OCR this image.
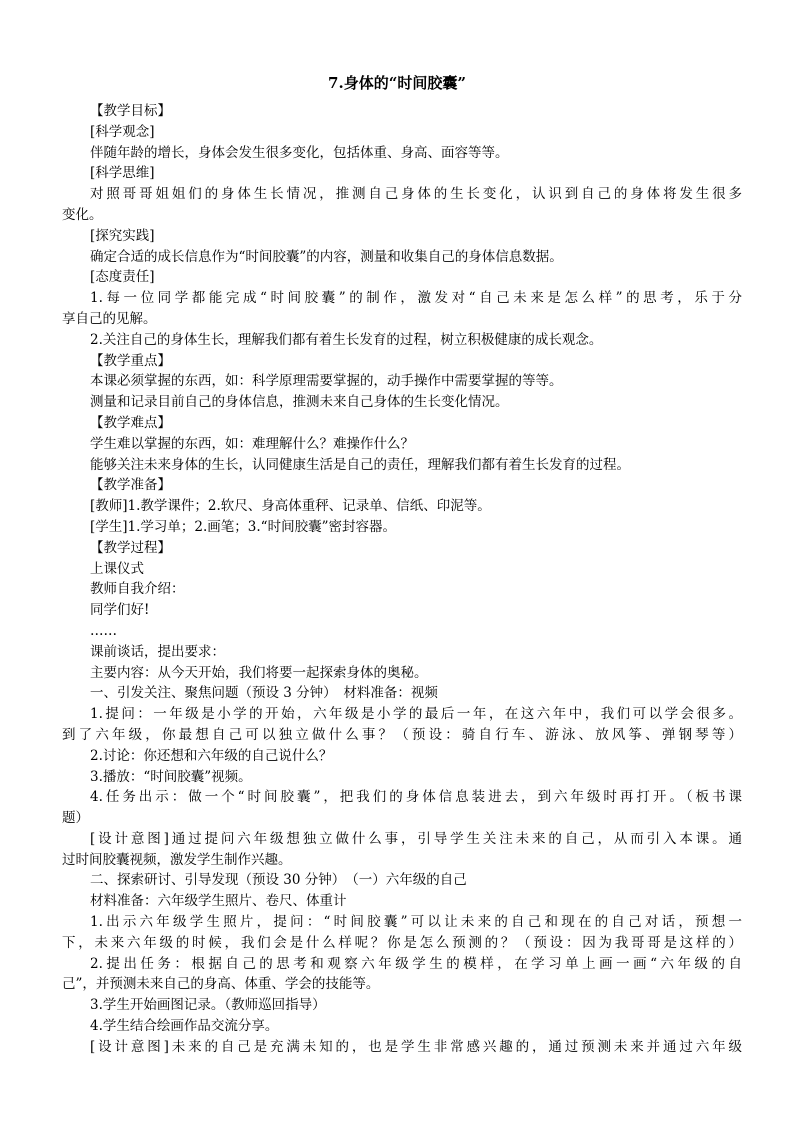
7.身体的“时间胶囊”
【教学目标】
[科学观念]
伴随年龄的增长，身体会发生很多变化，包括体重、身高、面容等等。
[科学思维]
对照哥哥姐姐们的身体生长情况，推测自己身体的生长变化，认识到自己的身体将发生很多
变化。
[探究实践]
确定合适的成长信息作为“时间胶囊”的内容，测量和收集自己的身体信息数据。
[态度责任]
1.每一位同学都能完成“时间胶囊”的制作，激发对“自己未来是怎么样”的思考，乐于分
享自己的见解。
2.关注自己的身体生长，理解我们都有着生长发育的过程，树立积极健康的成长观念。
【教学重点】
本课必须掌握的东西，如：科学原理需要掌握的，动手操作中需要掌握的等等。
测量和记录目前自己的身体信息，推测未来自己身体的生长变化情况。
【教学难点】
学生难以掌握的东西，如：难理解什么？难操作什么？
能够关注未来身体的生长，认同健康生活是自己的责任，理解我们都有着生长发育的过程。
【教学准备】
[教师]1.教学课件；2.软尺、身高体重秤、记录单、信纸、印泥等。
[学生]1.学习单；2.画笔；3.“时间胶囊”密封容器。
【教学过程】
上课仪式
教师自我介绍：
同学们好!
……
课前谈话，提出要求：
主要内容：从今天开始，我们将要一起探索身体的奥秘。
一、引发关注、聚焦问题（预设 3 分钟）　材料准备：视频
1.提问：一年级是小学的开始，六年级是小学的最后一年，在这六年中，我们可以学会很多。
到了六年级，你最想自己可以独立做什么事？（预设：骑自行车、游泳、放风筝、弹钢琴等）
2.讨论：你还想和六年级的自己说什么？
3.播放：“时间胶囊”视频。
4.任务出示：做一个“时间胶囊”，把我们的身体信息装进去，到六年级时再打开。（板书课
题）
[设计意图]通过提问六年级想独立做什么事，引导学生关注未来的自己，从而引入本课。通
过时间胶囊视频，激发学生制作兴趣。
二、探索研讨、引导发现（预设 30 分钟）　（一）六年级的自己
材料准备：六年级学生照片、卷尺、体重计
1.出示六年级学生照片，提问：“时间胶囊”可以让未来的自己和现在的自己对话，预想一
下，未来六年级的时候，我们会是什么样呢？你是怎么预测的？（预设：因为我哥哥是这样的）
2.提出任务：根据自己的思考和观察六年级学生的模样，在学习单上画一画“六年级的自
己”，并预测未来自己的身高、体重、学会的技能等。
3.学生开始画图记录。（教师巡回指导）
4.学生结合绘画作品交流分享。
[设计意图]未来的自己是充满未知的，也是学生非常感兴趣的，通过预测未来并通过六年级
